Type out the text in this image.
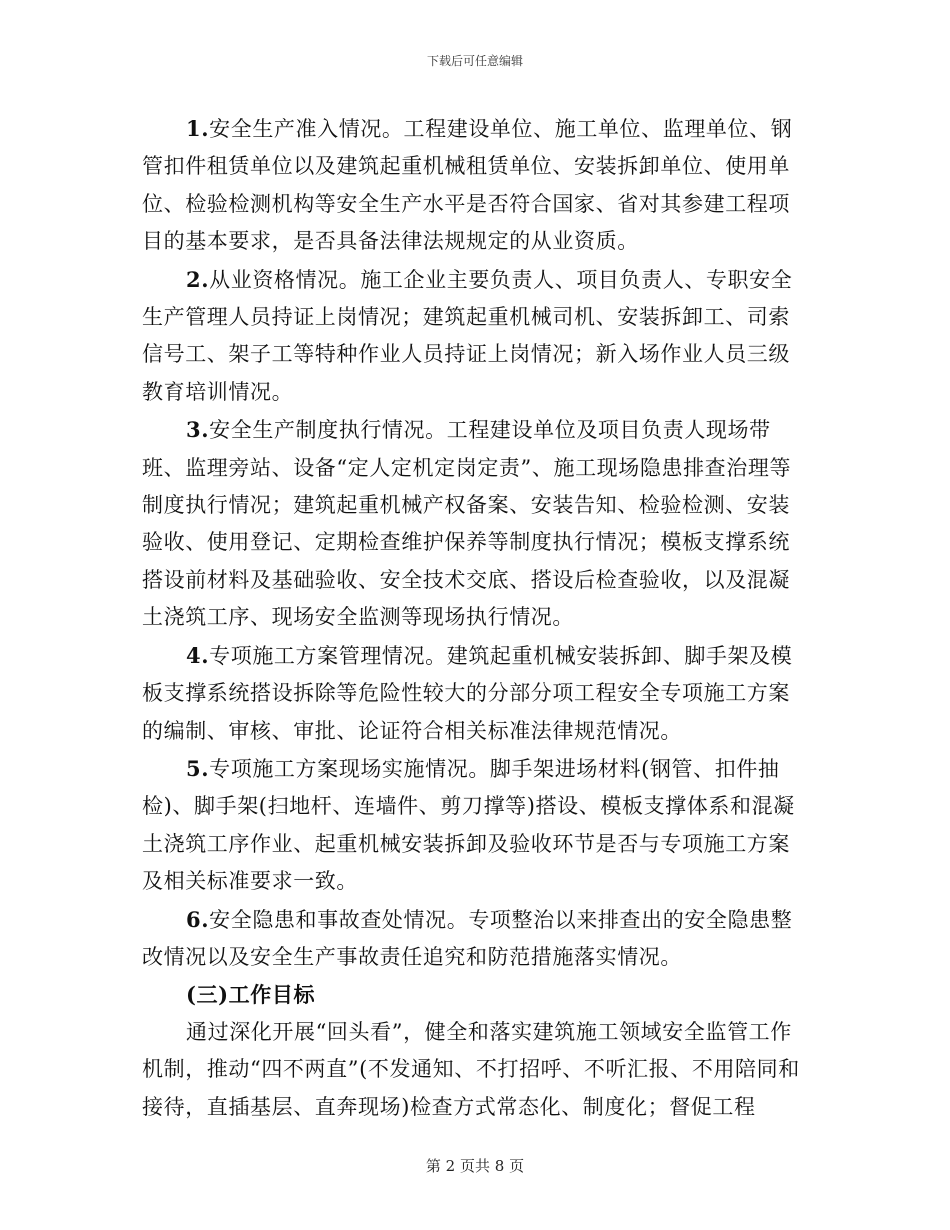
下载后可任意编辑

1.安全生产准入情况。工程建设单位、施工单位、监理单位、钢管扣件租赁单位以及建筑起重机械租赁单位、安装拆卸单位、使用单位、检验检测机构等安全生产水平是否符合国家、省对其参建工程项目的基本要求，是否具备法律法规规定的从业资质。

2.从业资格情况。施工企业主要负责人、项目负责人、专职安全生产管理人员持证上岗情况；建筑起重机械司机、安装拆卸工、司索信号工、架子工等特种作业人员持证上岗情况；新入场作业人员三级教育培训情况。

3.安全生产制度执行情况。工程建设单位及项目负责人现场带班、监理旁站、设备“定人定机定岗定责”、施工现场隐患排查治理等制度执行情况；建筑起重机械产权备案、安装告知、检验检测、安装验收、使用登记、定期检查维护保养等制度执行情况；模板支撑系统搭设前材料及基础验收、安全技术交底、搭设后检查验收，以及混凝土浇筑工序、现场安全监测等现场执行情况。

4.专项施工方案管理情况。建筑起重机械安装拆卸、脚手架及模板支撑系统搭设拆除等危险性较大的分部分项工程安全专项施工方案的编制、审核、审批、论证符合相关标准法律规范情况。

5.专项施工方案现场实施情况。脚手架进场材料(钢管、扣件抽检)、脚手架(扫地杆、连墙件、剪刀撑等)搭设、模板支撑体系和混凝土浇筑工序作业、起重机械安装拆卸及验收环节是否与专项施工方案及相关标准要求一致。

6.安全隐患和事故查处情况。专项整治以来排查出的安全隐患整改情况以及安全生产事故责任追究和防范措施落实情况。

(三)工作目标

通过深化开展“回头看”，健全和落实建筑施工领域安全监管工作机制，推动“四不两直”(不发通知、不打招呼、不听汇报、不用陪同和接待，直插基层、直奔现场)检查方式常态化、制度化；督促工程

第 2 页共 8 页
